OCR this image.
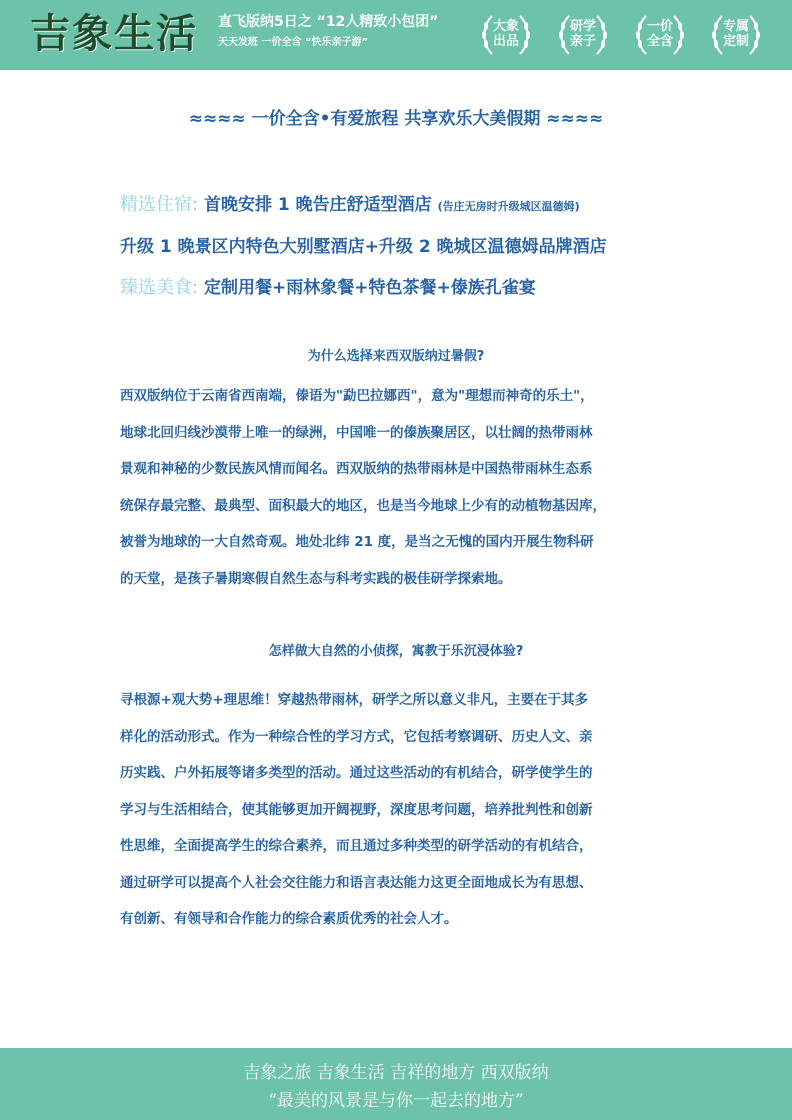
吉象生活 直飞版纳5日之 “12人精致小包团”
天天发班 一价全含 “快乐亲子游”
大象
出品
研学
亲子
一价
全含
专属
定制
≈≈≈≈ 一价全含•有爱旅程 共享欢乐大美假期 ≈≈≈≈
精选住宿: 首晚安排 1 晚告庄舒适型酒店 (告庄无房时升级城区温德姆)
升级 1 晚景区内特色大别墅酒店+升级 2 晚城区温德姆品牌酒店
臻选美食: 定制用餐+雨林象餐+特色茶餐+傣族孔雀宴
为什么选择来西双版纳过暑假?
西双版纳位于云南省西南端，傣语为"勐巴拉娜西"，意为"理想而神奇的乐土"，
地球北回归线沙漠带上唯一的绿洲，中国唯一的傣族聚居区，以壮阔的热带雨林
景观和神秘的少数民族风情而闻名。西双版纳的热带雨林是中国热带雨林生态系
统保存最完整、最典型、面积最大的地区，也是当今地球上少有的动植物基因库，
被誉为地球的一大自然奇观。地处北纬 21 度，是当之无愧的国内开展生物科研
的天堂，是孩子暑期寒假自然生态与科考实践的极佳研学探索地。
怎样做大自然的小侦探，寓教于乐沉浸体验?
寻根源+观大势+理思维！穿越热带雨林，研学之所以意义非凡，主要在于其多
样化的活动形式。作为一种综合性的学习方式，它包括考察调研、历史人文、亲
历实践、户外拓展等诸多类型的活动。通过这些活动的有机结合，研学使学生的
学习与生活相结合，使其能够更加开阔视野，深度思考问题，培养批判性和创新
性思维，全面提高学生的综合素养，而且通过多种类型的研学活动的有机结合，
通过研学可以提高个人社会交往能力和语言表达能力这更全面地成长为有思想、
有创新、有领导和合作能力的综合素质优秀的社会人才。
吉象之旅 吉象生活 吉祥的地方 西双版纳
“最美的风景是与你一起去的地方”
